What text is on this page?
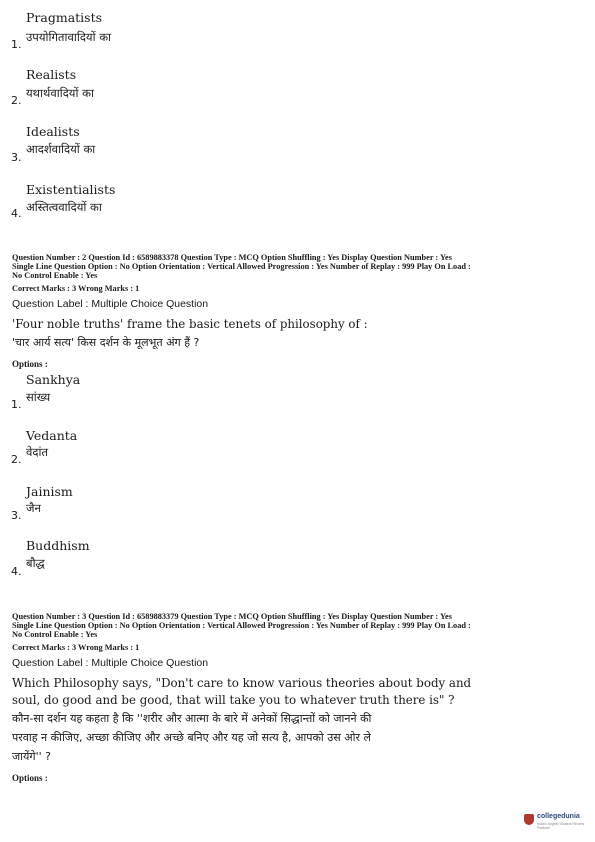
Pragmatists
1.
उपयोगितावादियों का
Realists
2.
यथार्थवादियों का
Idealists
3.
आदर्शवादियों का
Existentialists
4. अस्तित्ववादियों का
Question Number : 2 Question Id : 6589883378 Question Type : MCQ Option Shuffling : Yes Display Question Number : Yes
Single Line Question Option : No Option Orientation : Vertical Allowed Progression : Yes Number of Replay : 999 Play On Load :
No Control Enable : Yes
Correct Marks : 3 Wrong Marks : 1
Question Label : Multiple Choice Question
'Four noble truths' frame the basic tenets of philosophy of :
'चार आर्य सत्य' किस दर्शन के मूलभूत अंग हैं ?
Options :
Sankhya
1.
सांख्य
Vedanta
2.
वेदांत
Jainism
3.
जैन
Buddhism
4.
बौद्ध
Question Number : 3 Question Id : 6589883379 Question Type : MCQ Option Shuffling : Yes Display Question Number : Yes
Single Line Question Option : No Option Orientation : Vertical Allowed Progression : Yes Number of Replay : 999 Play On Load :
No Control Enable : Yes
Correct Marks : 3 Wrong Marks : 1
Question Label : Multiple Choice Question
Which Philosophy says, "Don't care to know various theories about body and
soul, do good and be good, that will take you to whatever truth there is" ?
कौन-सा दर्शन यह कहता है कि ''शरीर और आत्मा के बारे में अनेकों सिद्धान्तों को जानने की
परवाह न कीजिए, अच्छा कीजिए और अच्छे बनिए और यह जो सत्य है, आपको उस ओर ले
जायेंगे'' ?
Options :
collegedunia
India's largest Student Review Platform
